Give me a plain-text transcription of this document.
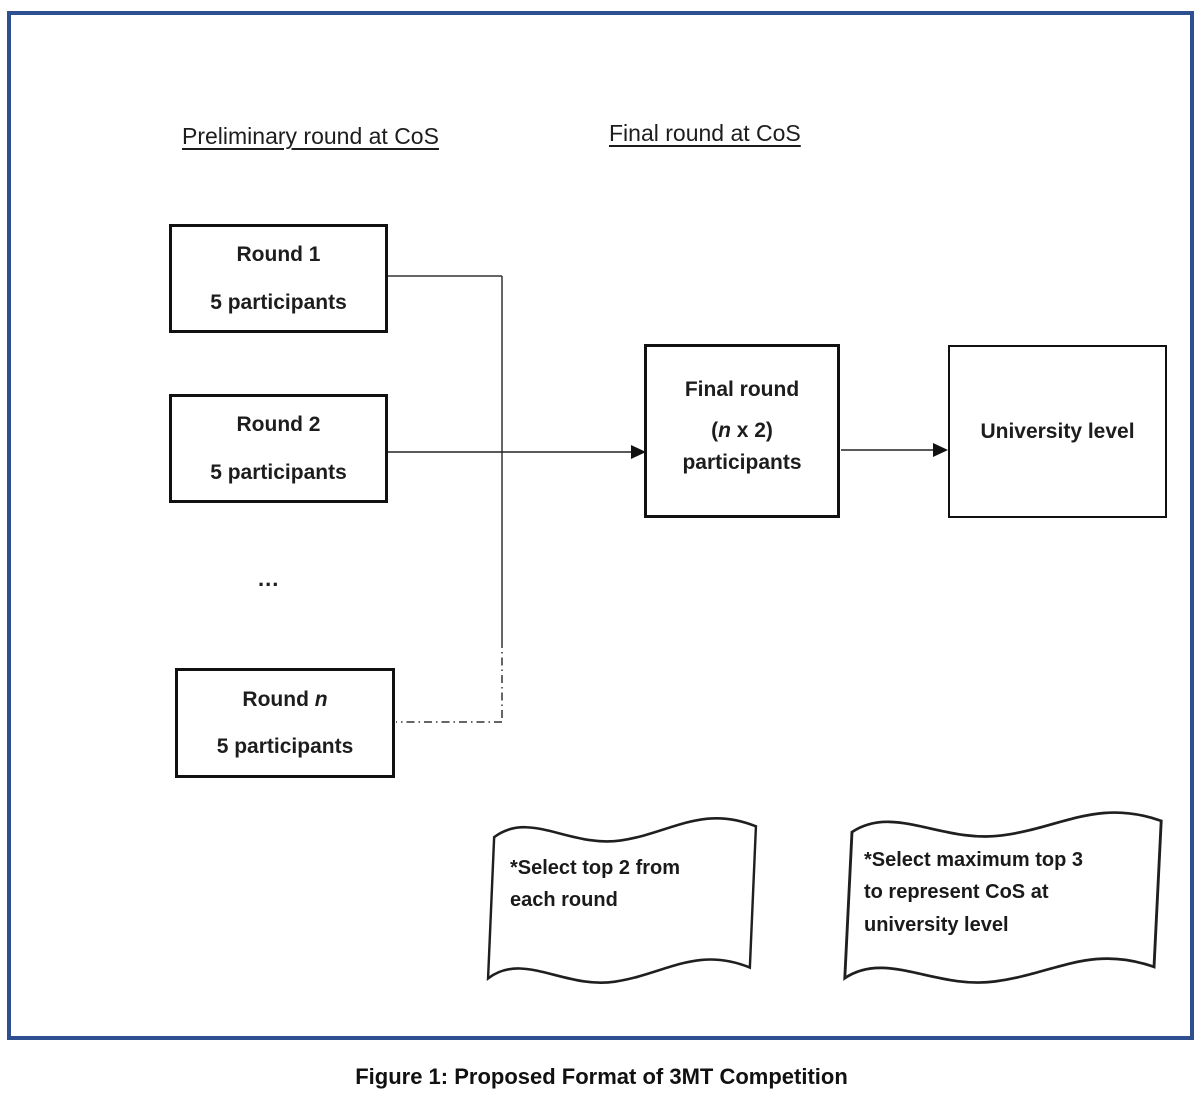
Preliminary round at CoS	Final round at CoS
Round 1
5 participants
Round 2
5 participants
...
Round n
5 participants
Final round
(n x 2)
participants
University level
*Select top 2 from
each round
*Select maximum top 3
to represent CoS at
university level
Figure 1: Proposed Format of 3MT Competition
